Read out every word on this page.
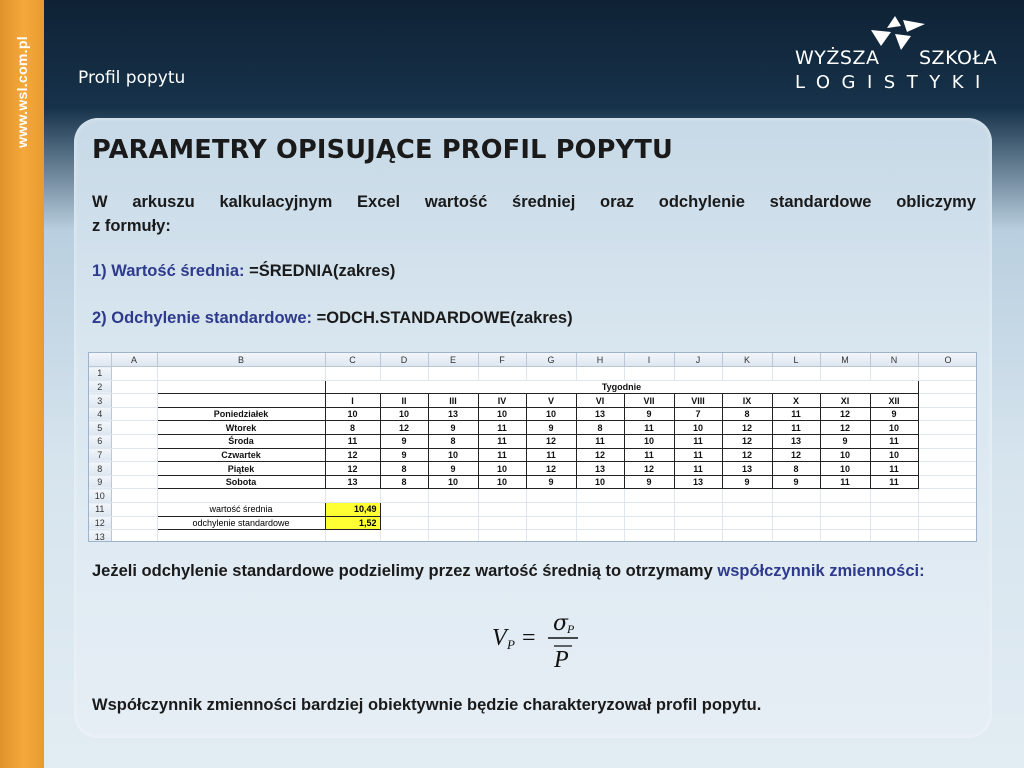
www.wsl.com.pl	Profil popytu
WYŻSZA SZKOŁA
LOGISTYKI
PARAMETRY OPISUJĄCE PROFIL POPYTU
W arkuszu kalkulacyjnym Excel wartość średniej oraz odchylenie standardowe obliczymy
z formuły:
1) Wartość średnia: =ŚREDNIA(zakres)
2) Odchylenie standardowe: =ODCH.STANDARDOWE(zakres)
	A	B	C	D	E	F	G	H	I	J	K	L	M	N	O
1															
2			Tygodnie												
3			I	II	III	IV	V	VI	VII	VIII	IX	X	XI	XII	
4		Poniedziałek	10	10	13	10	10	13	9	7	8	11	12	9	
5		Wtorek	8	12	9	11	9	8	11	10	12	11	12	10	
6		Środa	11	9	8	11	12	11	10	11	12	13	9	11	
7		Czwartek	12	9	10	11	11	12	11	11	12	12	10	10	
8		Piątek	12	8	9	10	12	13	12	11	13	8	10	11	
9		Sobota	13	8	10	10	9	10	9	13	9	9	11	11	
10															
11		wartość średnia	10,49												
12		odchylenie standardowe	1,52												
13															
Jeżeli odchylenie standardowe podzielimy przez wartość średnią to otrzymamy współczynnik zmienności:
V P =
σ
P
P
Współczynnik zmienności bardziej obiektywnie będzie charakteryzował profil popytu.
